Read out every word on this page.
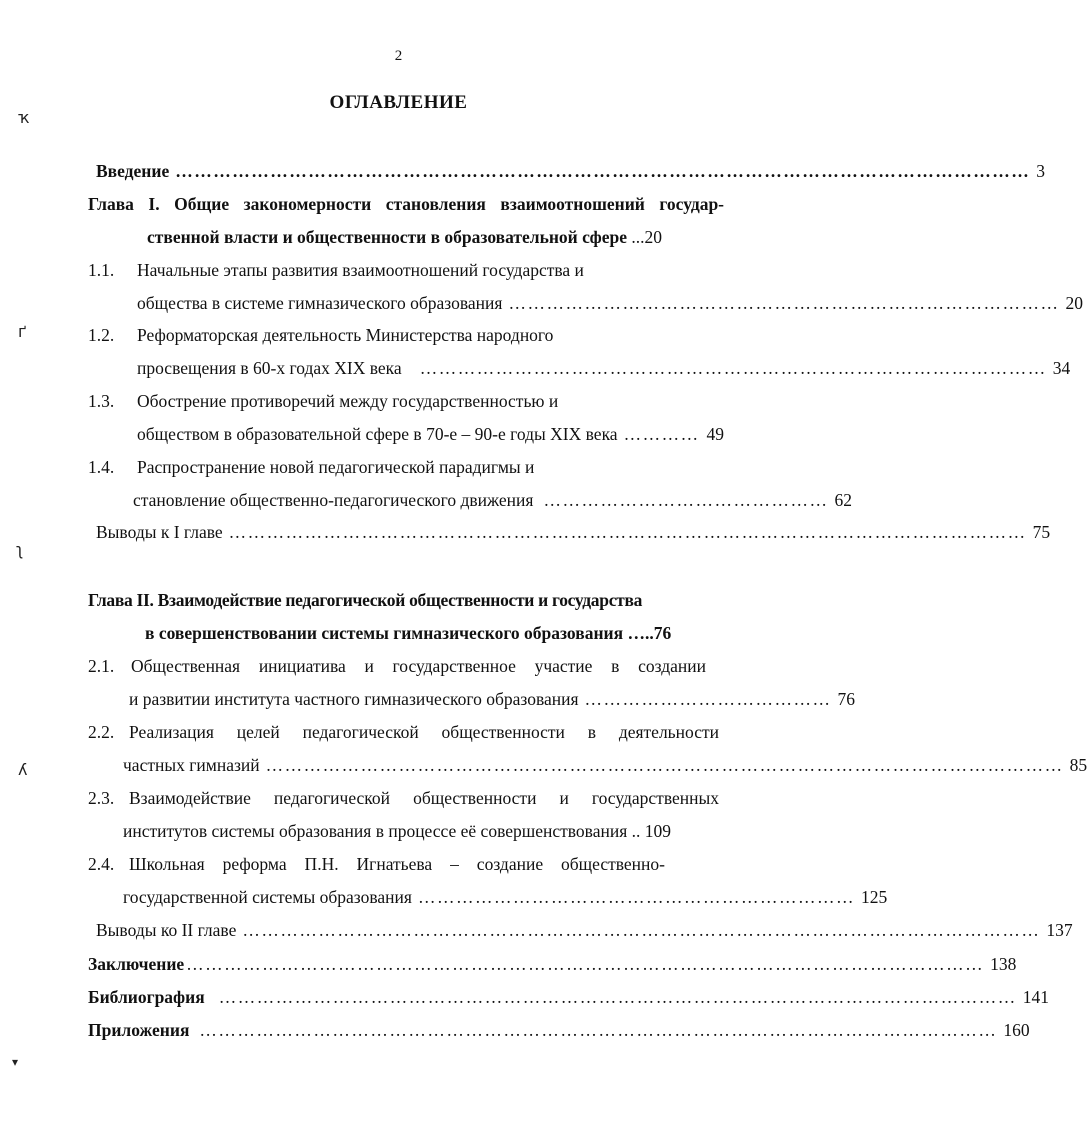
ҡ
ґ
ʅ
ʎ
▾
2
ОГЛАВЛЕНИЕ
Введение ……………………………………………………………………………………………………………………… 3
Глава I. Общие закономерности становления взаимоотношений государ-
ственной власти и общественности в образовательной сфере ...20
1.1. Начальные этапы развития взаимоотношений государства и
общества в системе гимназического образования …………………………………………………………………………… 20
1.2. Реформаторская деятельность Министерства народного
просвещения в 60-х годах XIX века ……………………………………………………………………………………… 34
1.3. Обострение противоречий между государственностью и
обществом в образовательной сфере в 70-е – 90-е годы XIX века ………… 49
1.4. Распространение новой педагогической парадигмы и
становление общественно-педагогического движения ……………………………………… 62
Выводы к I главе ……………………………………………………………………………………………………………… 75
Глава II. Взаимодействие педагогической общественности и государства
в совершенствовании системы гимназического образования …..76
2.1. Общественная инициатива и государственное участие в создании
и развитии института частного гимназического образования ………………………………… 76
2.2. Реализация целей педагогической общественности в деятельности
частных гимназий ……………………………………………………………………………………………………………… 85
2.3. Взаимодействие педагогической общественности и государственных
институтов системы образования в процессе её совершенствования .. 109
2.4. Школьная реформа П.Н. Игнатьева – создание общественно-
государственной системы образования …………………………………………………………… 125
Выводы ко II главе ……………………………………………………………………………………………………………… 137
Заключение ……………………………………………………………………………………………………………… 138
Библиография ……………………………………………………………………………………………………………… 141
Приложения ……………………………………………………………………………………………………………… 160
